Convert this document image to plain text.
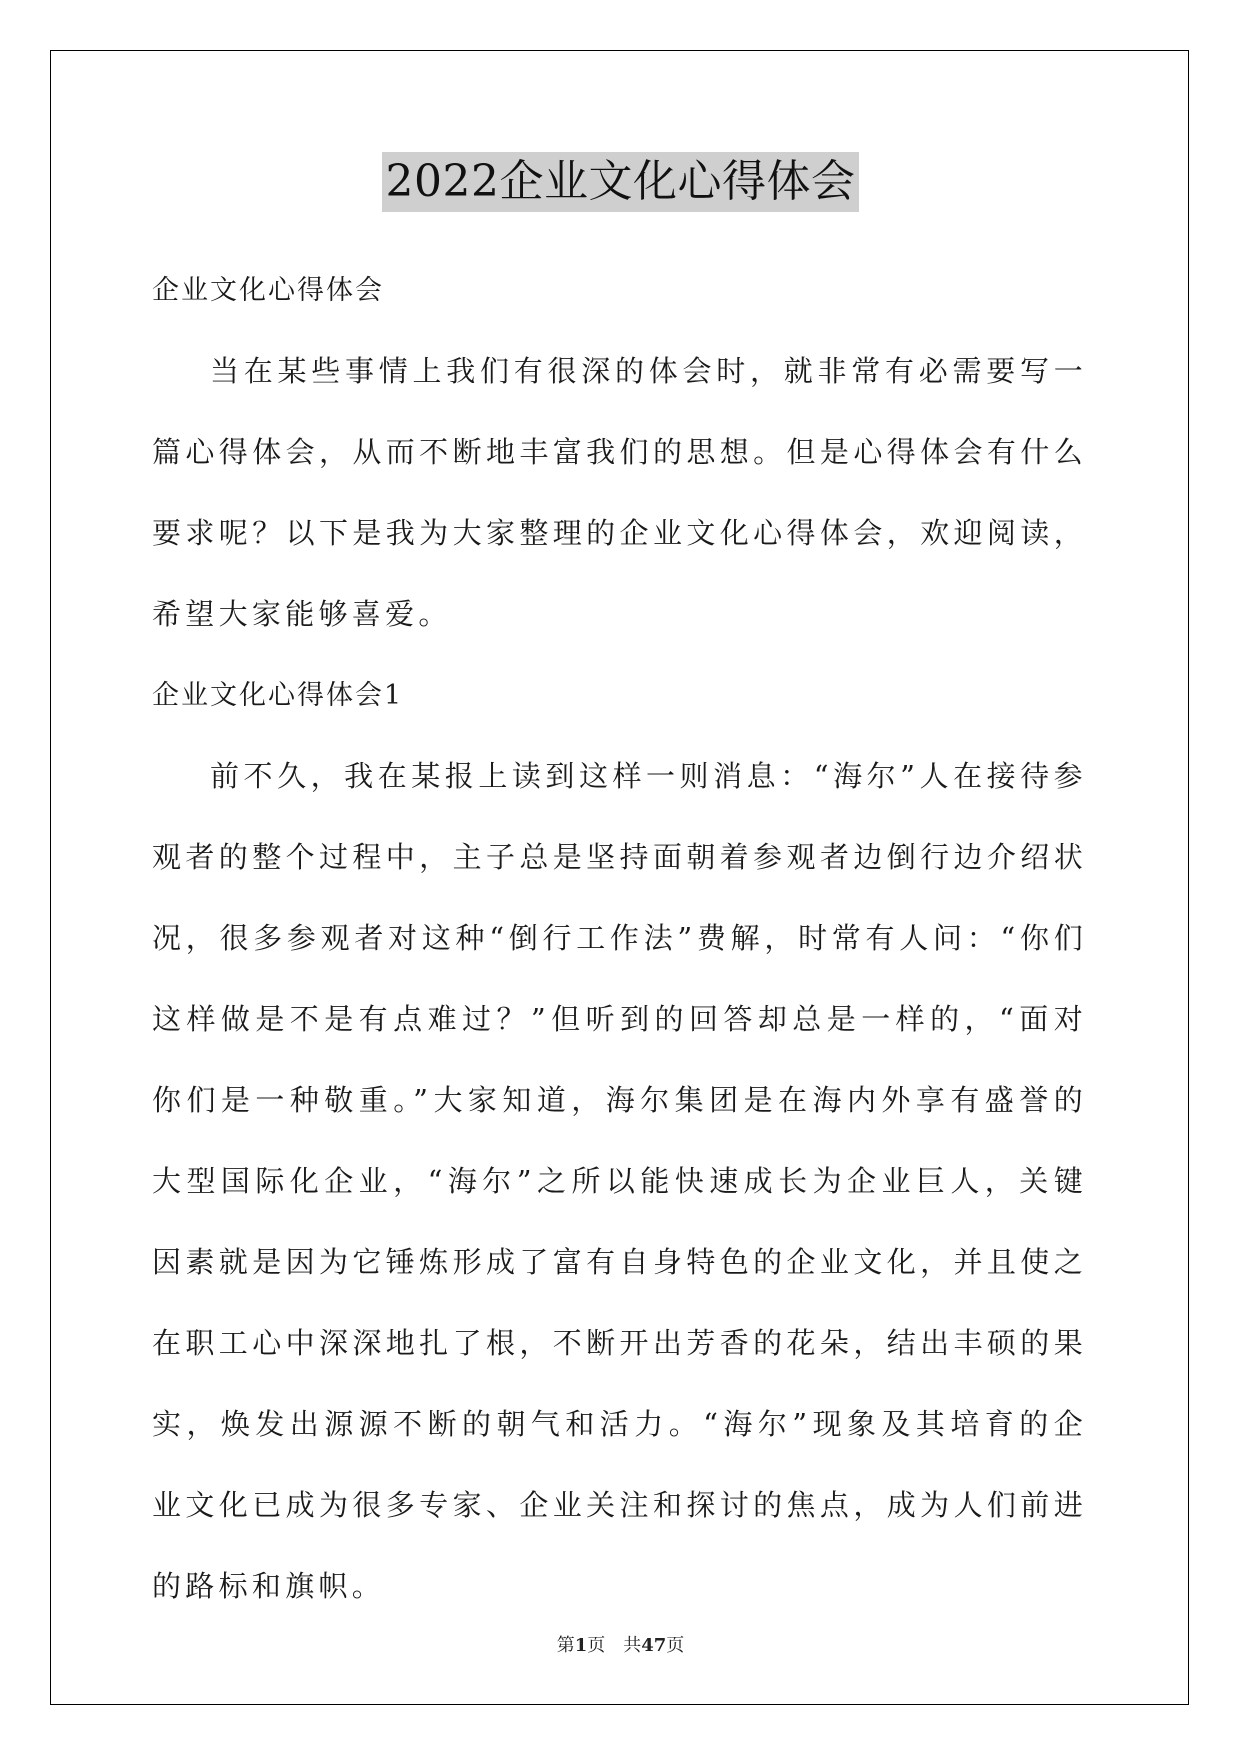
2022企业文化心得体会

企业文化心得体会

当在某些事情上我们有很深的体会时，就非常有必需要写一篇心得体会，从而不断地丰富我们的思想。但是心得体会有什么要求呢？以下是我为大家整理的企业文化心得体会，欢迎阅读，希望大家能够喜爱。

企业文化心得体会1

前不久，我在某报上读到这样一则消息：“海尔”人在接待参观者的整个过程中，主子总是坚持面朝着参观者边倒行边介绍状况，很多参观者对这种“倒行工作法”费解，时常有人问：“你们这样做是不是有点难过？”但听到的回答却总是一样的，“面对你们是一种敬重。”大家知道，海尔集团是在海内外享有盛誉的大型国际化企业，“海尔”之所以能快速成长为企业巨人，关键因素就是因为它锤炼形成了富有自身特色的企业文化，并且使之在职工心中深深地扎了根，不断开出芳香的花朵，结出丰硕的果实，焕发出源源不断的朝气和活力。“海尔”现象及其培育的企业文化已成为很多专家、企业关注和探讨的焦点，成为人们前进的路标和旗帜。

第1页　共47页
